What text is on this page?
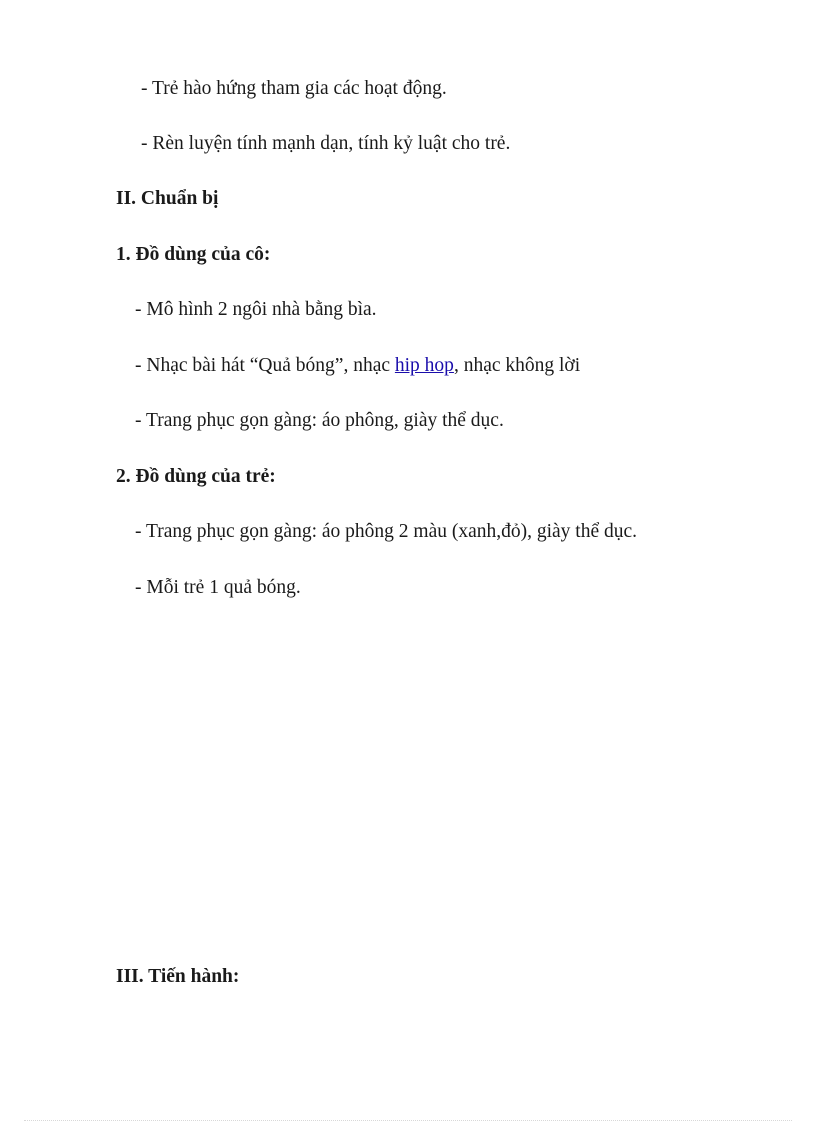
- Trẻ hào hứng tham gia các hoạt động.
- Rèn luyện tính mạnh dạn, tính kỷ luật cho trẻ.
II. Chuẩn bị
1. Đồ dùng của cô:
- Mô hình 2 ngôi nhà bằng bìa.
- Nhạc bài hát “Quả bóng”, nhạc hip hop, nhạc không lời
- Trang phục gọn gàng: áo phông, giày thể dục.
2. Đồ dùng của trẻ:
- Trang phục gọn gàng: áo phông 2 màu (xanh,đỏ), giày thể dục.
- Mỗi trẻ 1 quả bóng.
III. Tiến hành:
